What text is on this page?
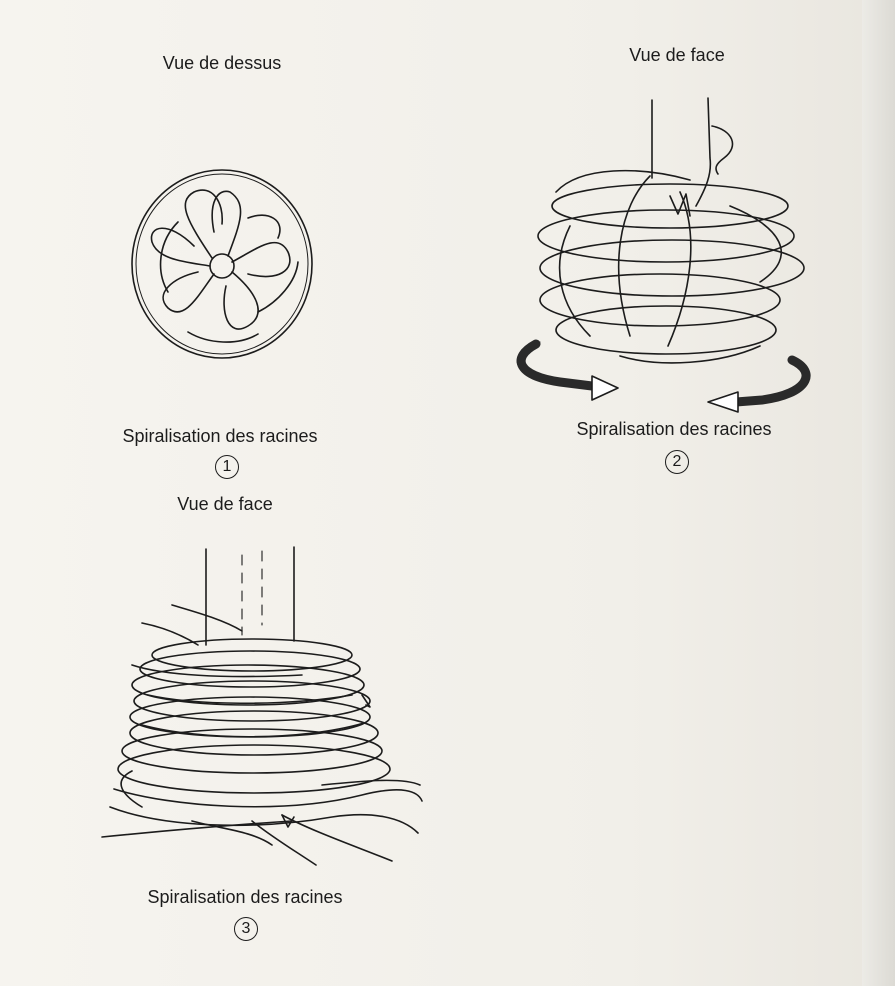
Vue de dessus
Spiralisation des racines
1
Vue de face
Spiralisation des racines
2
Vue de face
Spiralisation des racines
3
